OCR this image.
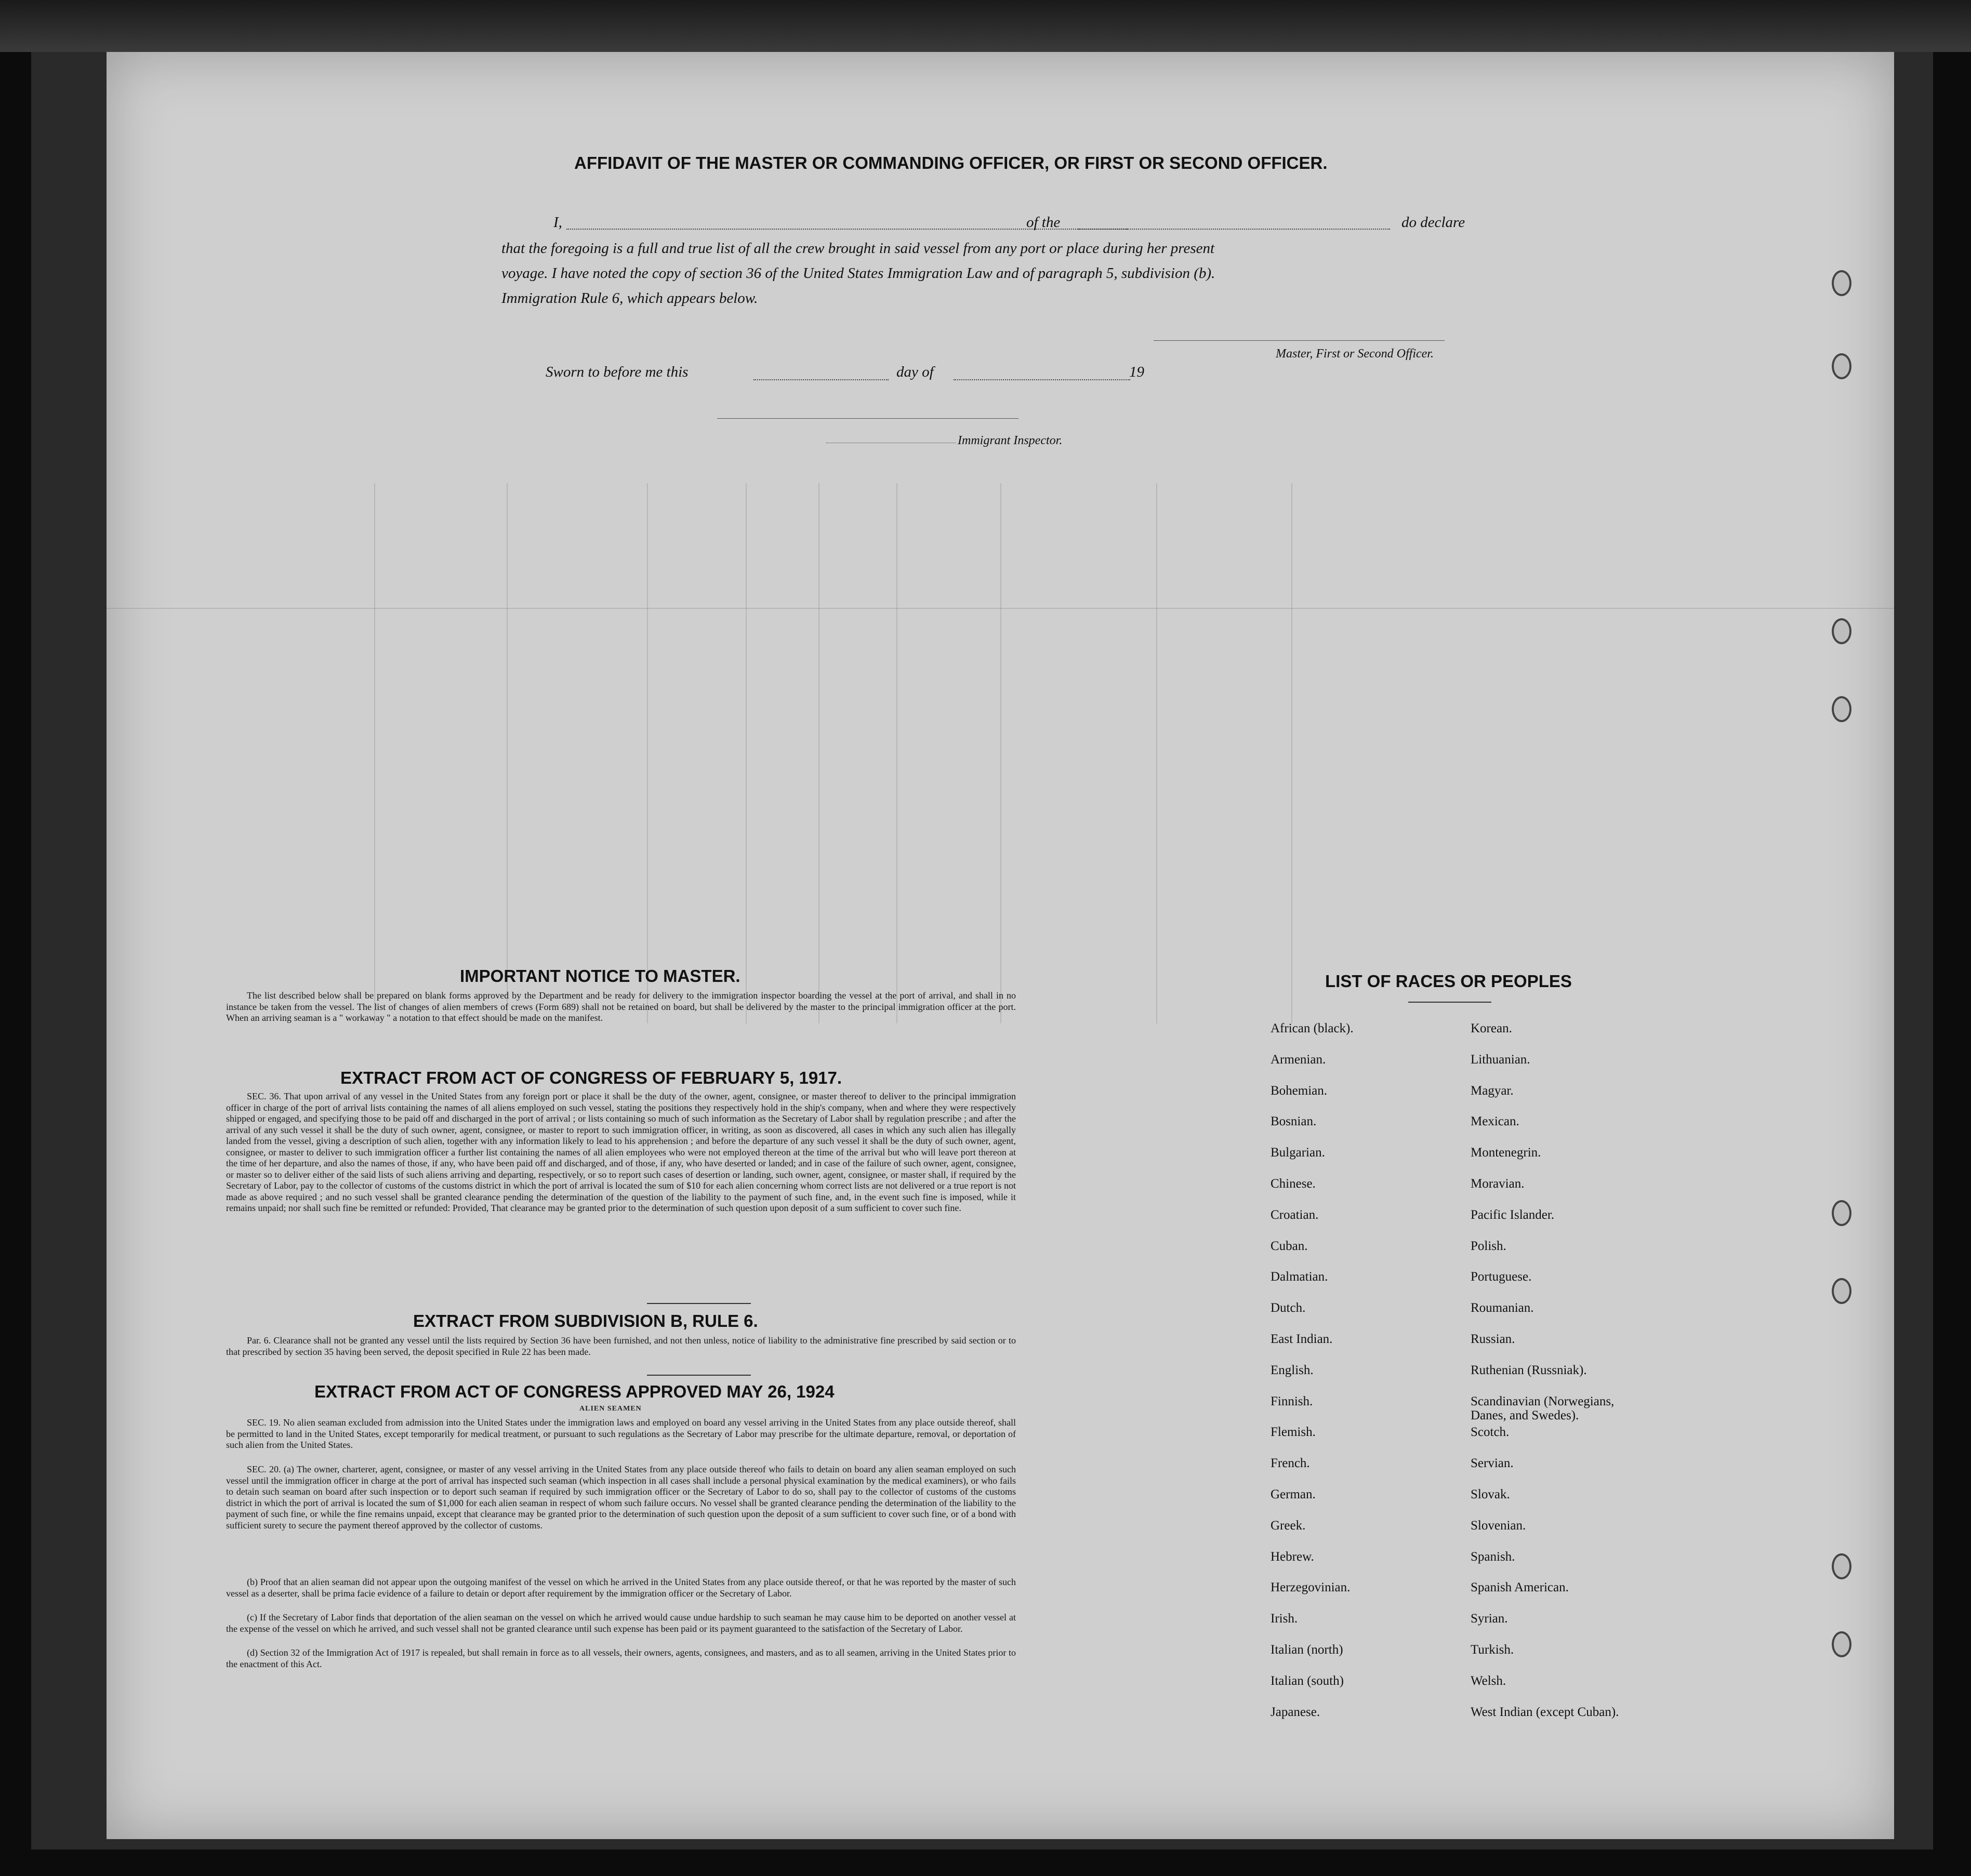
AFFIDAVIT OF THE MASTER OR COMMANDING OFFICER, OR FIRST OR SECOND OFFICER.
I,	of the	do declare
that the foregoing is a full and true list of all the crew brought in said vessel from any port or place during her present
voyage. I have noted the copy of section 36 of the United States Immigration Law and of paragraph 5, subdivision (b).
Immigration Rule 6, which appears below.
Master, First or Second Officer.
Sworn to before me this	day of	19
Immigrant Inspector.
IMPORTANT NOTICE TO MASTER.
The list described below shall be prepared on blank forms approved by the Department and be ready for delivery to the immigration inspector boarding the vessel at the port of arrival, and shall in no instance be taken from the vessel. The list of changes of alien members of crews (Form 689) shall not be retained on board, but shall be delivered by the master to the principal immigration officer at the port. When an arriving seaman is a " workaway " a notation to that effect should be made on the manifest.
EXTRACT FROM ACT OF CONGRESS OF FEBRUARY 5, 1917.
SEC. 36. That upon arrival of any vessel in the United States from any foreign port or place it shall be the duty of the owner, agent, consignee, or master thereof to deliver to the principal immigration officer in charge of the port of arrival lists containing the names of all aliens employed on such vessel, stating the positions they respectively hold in the ship's company, when and where they were respectively shipped or engaged, and specifying those to be paid off and discharged in the port of arrival ; or lists containing so much of such information as the Secretary of Labor shall by regulation prescribe ; and after the arrival of any such vessel it shall be the duty of such owner, agent, consignee, or master to report to such immigration officer, in writing, as soon as discovered, all cases in which any such alien has illegally landed from the vessel, giving a description of such alien, together with any information likely to lead to his apprehension ; and before the departure of any such vessel it shall be the duty of such owner, agent, consignee, or master to deliver to such immigration officer a further list containing the names of all alien employees who were not employed thereon at the time of the arrival but who will leave port thereon at the time of her departure, and also the names of those, if any, who have been paid off and discharged, and of those, if any, who have deserted or landed; and in case of the failure of such owner, agent, consignee, or master so to deliver either of the said lists of such aliens arriving and departing, respectively, or so to report such cases of desertion or landing, such owner, agent, consignee, or master shall, if required by the Secretary of Labor, pay to the collector of customs of the customs district in which the port of arrival is located the sum of $10 for each alien concerning whom correct lists are not delivered or a true report is not made as above required ; and no such vessel shall be granted clearance pending the determination of the question of the liability to the payment of such fine, and, in the event such fine is imposed, while it remains unpaid; nor shall such fine be remitted or refunded: Provided, That clearance may be granted prior to the determination of such question upon deposit of a sum sufficient to cover such fine.
EXTRACT FROM SUBDIVISION B, RULE 6.
Par. 6. Clearance shall not be granted any vessel until the lists required by Section 36 have been furnished, and not then unless, notice of liability to the administrative fine prescribed by said section or to that prescribed by section 35 having been served, the deposit specified in Rule 22 has been made.
EXTRACT FROM ACT OF CONGRESS APPROVED MAY 26, 1924
ALIEN SEAMEN
SEC. 19. No alien seaman excluded from admission into the United States under the immigration laws and employed on board any vessel arriving in the United States from any place outside thereof, shall be permitted to land in the United States, except temporarily for medical treatment, or pursuant to such regulations as the Secretary of Labor may prescribe for the ultimate departure, removal, or deportation of such alien from the United States.
SEC. 20. (a) The owner, charterer, agent, consignee, or master of any vessel arriving in the United States from any place outside thereof who fails to detain on board any alien seaman employed on such vessel until the immigration officer in charge at the port of arrival has inspected such seaman (which inspection in all cases shall include a personal physical examination by the medical examiners), or who fails to detain such seaman on board after such inspection or to deport such seaman if required by such immigration officer or the Secretary of Labor to do so, shall pay to the collector of customs of the customs district in which the port of arrival is located the sum of $1,000 for each alien seaman in respect of whom such failure occurs. No vessel shall be granted clearance pending the determination of the liability to the payment of such fine, or while the fine remains unpaid, except that clearance may be granted prior to the determination of such question upon the deposit of a sum sufficient to cover such fine, or of a bond with sufficient surety to secure the payment thereof approved by the collector of customs.
(b) Proof that an alien seaman did not appear upon the outgoing manifest of the vessel on which he arrived in the United States from any place outside thereof, or that he was reported by the master of such vessel as a deserter, shall be prima facie evidence of a failure to detain or deport after requirement by the immigration officer or the Secretary of Labor.
(c) If the Secretary of Labor finds that deportation of the alien seaman on the vessel on which he arrived would cause undue hardship to such seaman he may cause him to be deported on another vessel at the expense of the vessel on which he arrived, and such vessel shall not be granted clearance until such expense has been paid or its payment guaranteed to the satisfaction of the Secretary of Labor.
(d) Section 32 of the Immigration Act of 1917 is repealed, but shall remain in force as to all vessels, their owners, agents, consignees, and masters, and as to all seamen, arriving in the United States prior to the enactment of this Act.
LIST OF RACES OR PEOPLES
African (black).
Armenian.
Bohemian.
Bosnian.
Bulgarian.
Chinese.
Croatian.
Cuban.
Dalmatian.
Dutch.
East Indian.
English.
Finnish.
Flemish.
French.
German.
Greek.
Hebrew.
Herzegovinian.
Irish.
Italian (north)
Italian (south)
Japanese.
Korean.
Lithuanian.
Magyar.
Mexican.
Montenegrin.
Moravian.
Pacific Islander.
Polish.
Portuguese.
Roumanian.
Russian.
Ruthenian (Russniak).
Scandinavian (Norwegians, Danes, and Swedes).
Scotch.
Servian.
Slovak.
Slovenian.
Spanish.
Spanish American.
Syrian.
Turkish.
Welsh.
West Indian (except Cuban).
